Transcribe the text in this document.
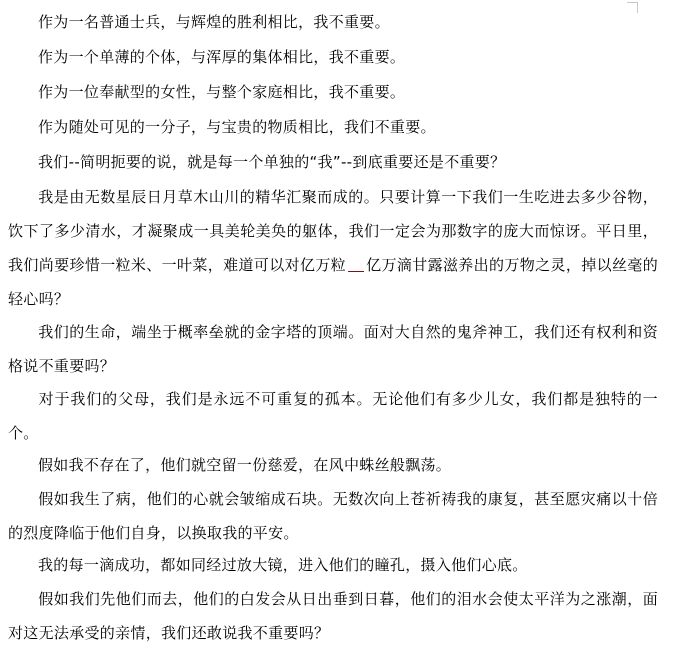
作为一名普通士兵，与辉煌的胜利相比，我不重要。

作为一个单薄的个体，与浑厚的集体相比，我不重要。

作为一位奉献型的女性，与整个家庭相比，我不重要。

作为随处可见的一分子，与宝贵的物质相比，我们不重要。

我们--简明扼要的说，就是每一个单独的“我”--到底重要还是不重要？

我是由无数星辰日月草木山川的精华汇聚而成的。只要计算一下我们一生吃进去多少谷物，饮下了多少清水，才凝聚成一具美轮美奂的躯体，我们一定会为那数字的庞大而惊讶。平日里，我们尚要珍惜一粒米、一叶菜，难道可以对亿万粒 亿万滴甘露滋养出的万物之灵，掉以丝毫的轻心吗？

我们的生命，端坐于概率垒就的金字塔的顶端。面对大自然的鬼斧神工，我们还有权利和资格说不重要吗？

对于我们的父母，我们是永远不可重复的孤本。无论他们有多少儿女，我们都是独特的一个。

假如我不存在了，他们就空留一份慈爱，在风中蛛丝般飘荡。

假如我生了病，他们的心就会皱缩成石块。无数次向上苍祈祷我的康复，甚至愿灾痛以十倍的烈度降临于他们自身，以换取我的平安。

我的每一滴成功，都如同经过放大镜，进入他们的瞳孔，摄入他们心底。

假如我们先他们而去，他们的白发会从日出垂到日暮，他们的泪水会使太平洋为之涨潮，面对这无法承受的亲情，我们还敢说我不重要吗？
